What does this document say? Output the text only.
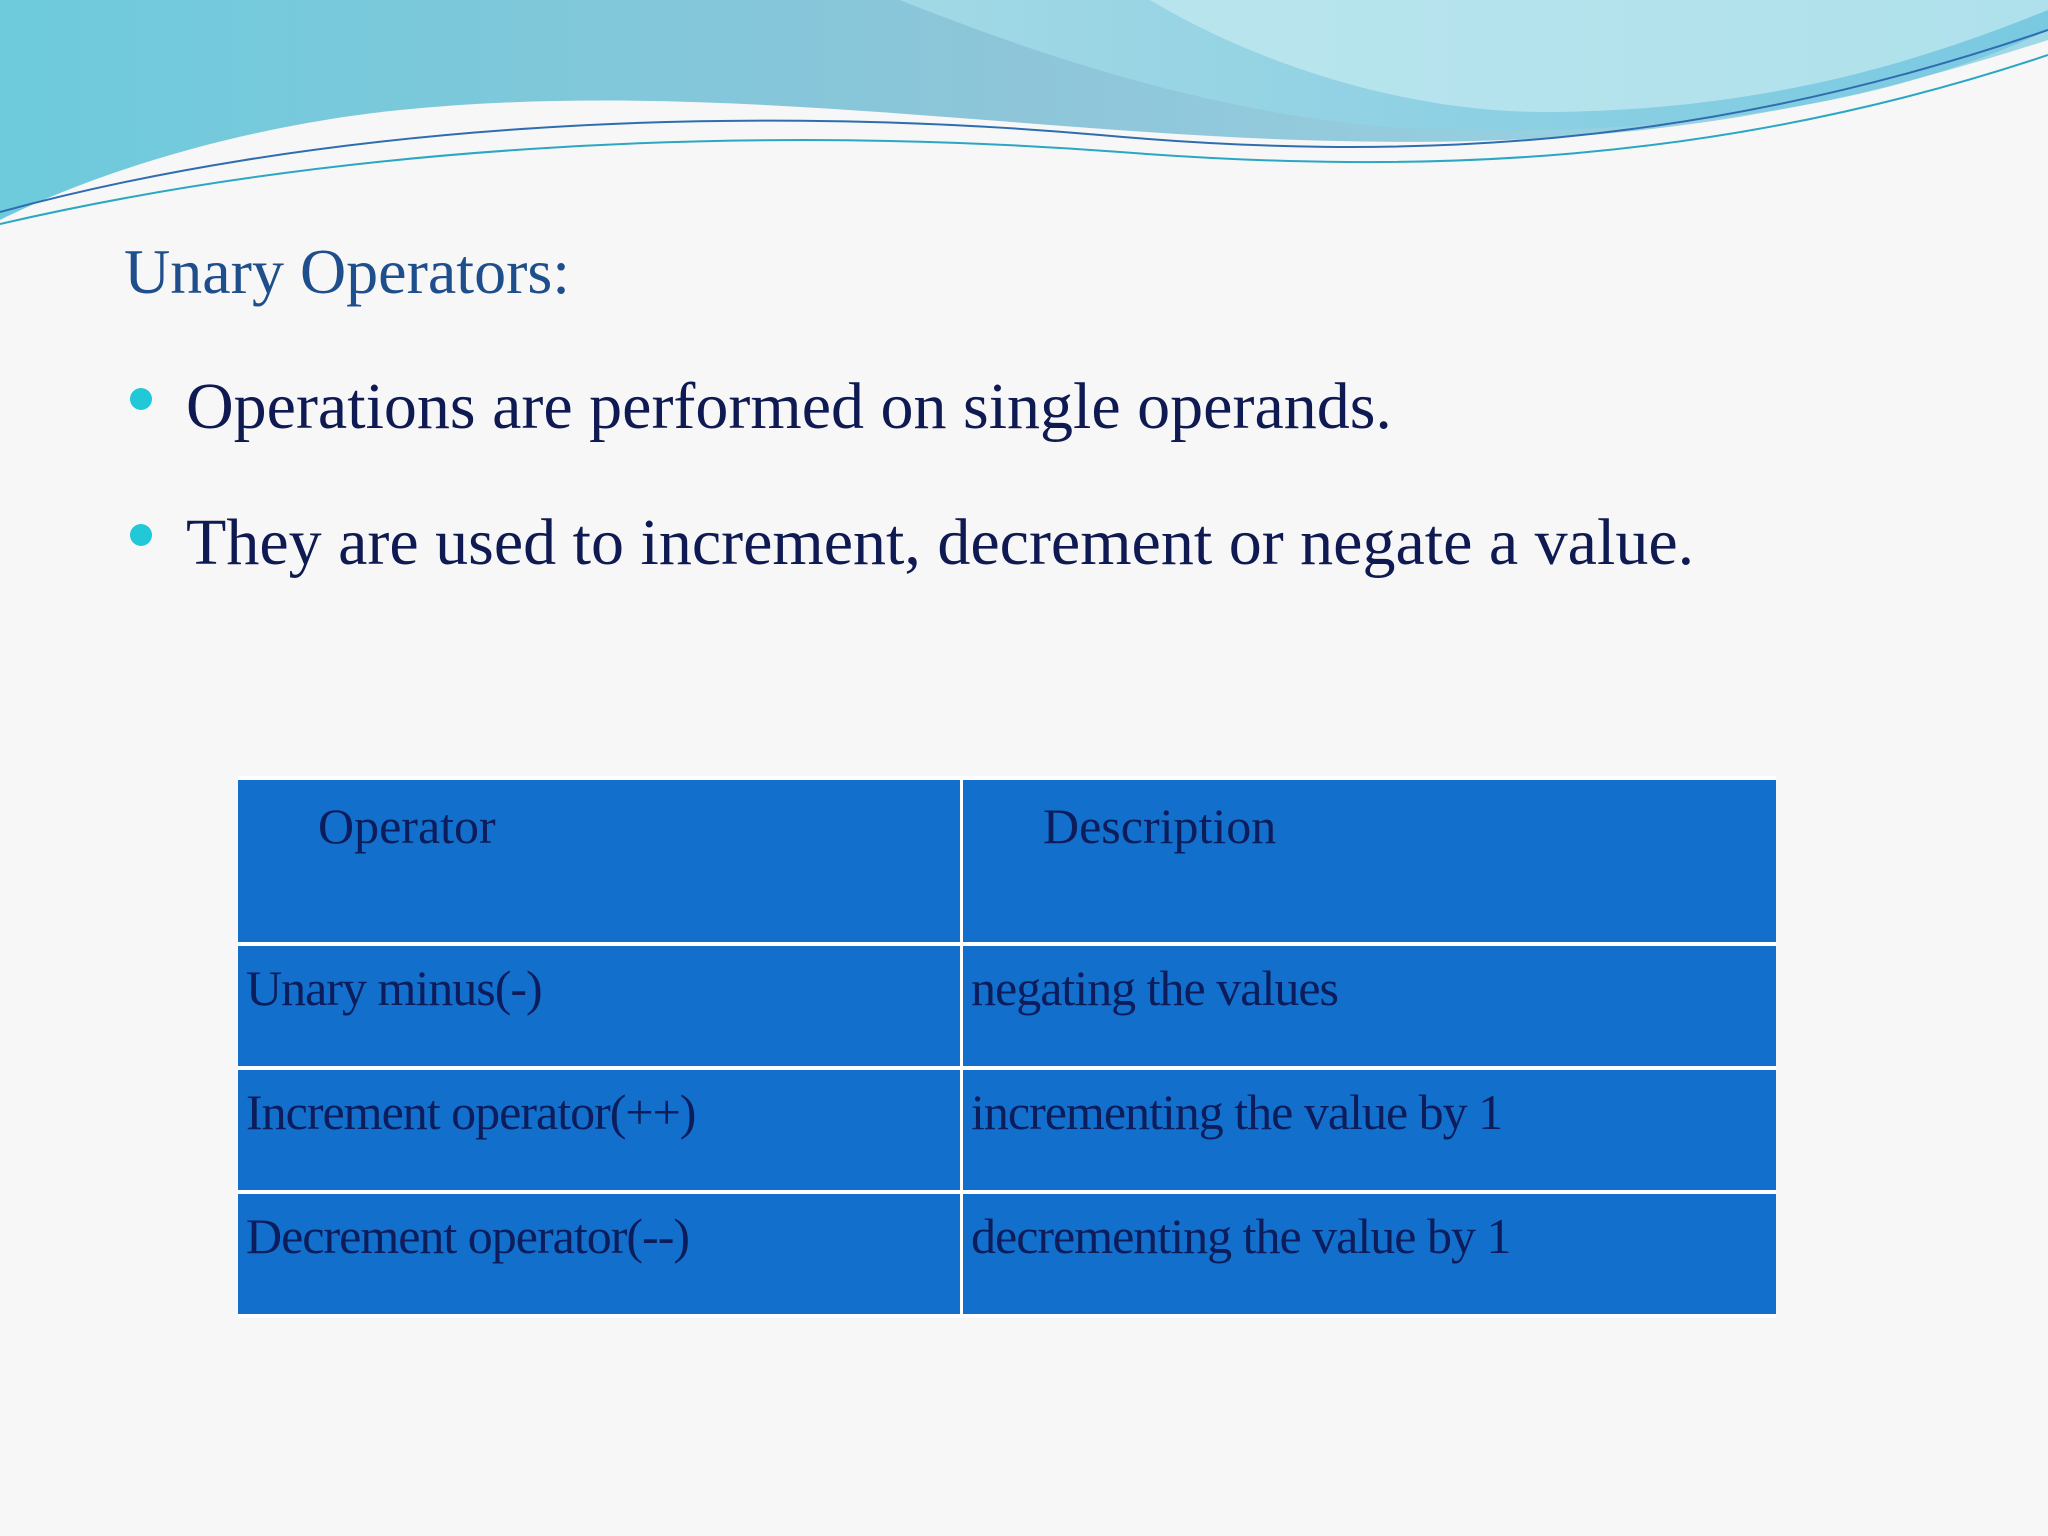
Unary Operators:
Operations are performed on single operands.
They are used to increment, decrement or negate a value.
Operator	Description
Unary minus(-)	negating the values
Increment operator(++)	incrementing the value by 1
Decrement operator(--)	decrementing the value by 1
